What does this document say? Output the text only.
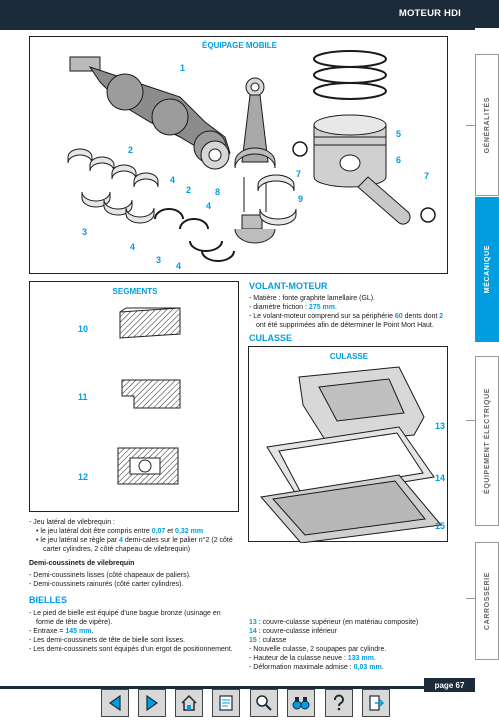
MOTEUR HDI
ÉQUIPAGE MOBILE
1
2
2
3
3
4
4
4
4
5
6
7	7
8
9
SEGMENTS
10
11
12
CULASSE
13
14
15

- Jeu latéral de vilebrequin :

• le jeu latéral doit être compris entre 0,07 et 0,32 mm

• le jeu latéral se règle par 4 demi-cales sur le palier n°2 (2 côté carter cylindres, 2 côté chapeau de vilebrequin)

Demi-coussinets de vilebrequin

- Demi-coussinets lisses (côté chapeaux de paliers).

- Demi-coussinets rainurés (côté carter cylindres).

BIELLES

- Le pied de bielle est équipé d'une bague bronze (usinage en forme de tête de vipère).

- Entraxe = 145 mm.

- Les demi-coussinets de tête de bielle sont lisses.

- Les demi-coussinets sont équipés d'un ergot de positionnement.

VOLANT-MOTEUR

- Matière : fonte graphite lamellaire (GL).

- diamètre friction : 275 mm.

- Le volant-moteur comprend sur sa périphérie 60 dents dont 2 ont été supprimées afin de déterminer le Point Mort Haut.

CULASSE

13 : couvre-culasse supérieur (en matériau composite)

14 : couvre-culasse inférieur

15 : culasse

- Nouvelle culasse, 2 soupapes par cylindre.

- Hauteur de la culasse neuve : 133 mm.

- Déformation maximale admise : 0,03 mm.

GÉNÉRALITÉS
MÉCANIQUE
ÉQUIPEMENT ÉLECTRIQUE
CARROSSERIE
page 67
